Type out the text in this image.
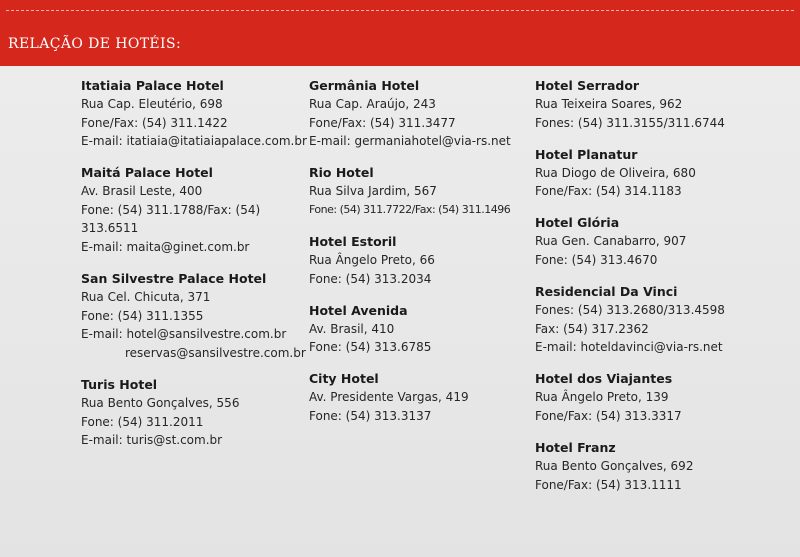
RELAÇÃO DE HOTÉIS:
Itatiaia Palace Hotel
Rua Cap. Eleutério, 698
Fone/Fax: (54) 311.1422
E-mail: itatiaia@itatiaiapalace.com.br
Maitá Palace Hotel
Av. Brasil Leste, 400
Fone: (54) 311.1788/Fax: (54) 313.6511
E-mail: maita@ginet.com.br
San Silvestre Palace Hotel
Rua Cel. Chicuta, 371
Fone: (54) 311.1355
E-mail: hotel@sansilvestre.com.br
reservas@sansilvestre.com.br
Turis Hotel
Rua Bento Gonçalves, 556
Fone: (54) 311.2011
E-mail: turis@st.com.br
Germânia Hotel
Rua Cap. Araújo, 243
Fone/Fax: (54) 311.3477
E-mail: germaniahotel@via-rs.net
Rio Hotel
Rua Silva Jardim, 567
Fone: (54) 311.7722/Fax: (54) 311.1496
Hotel Estoril
Rua Ângelo Preto, 66
Fone: (54) 313.2034
Hotel Avenida
Av. Brasil, 410
Fone: (54) 313.6785
City Hotel
Av. Presidente Vargas, 419
Fone: (54) 313.3137
Hotel Serrador
Rua Teixeira Soares, 962
Fones: (54) 311.3155/311.6744
Hotel Planatur
Rua Diogo de Oliveira, 680
Fone/Fax: (54) 314.1183
Hotel Glória
Rua Gen. Canabarro, 907
Fone: (54) 313.4670
Residencial Da Vinci
Fones: (54) 313.2680/313.4598
Fax: (54) 317.2362
E-mail: hoteldavinci@via-rs.net
Hotel dos Viajantes
Rua Ângelo Preto, 139
Fone/Fax: (54) 313.3317
Hotel Franz
Rua Bento Gonçalves, 692
Fone/Fax: (54) 313.1111
